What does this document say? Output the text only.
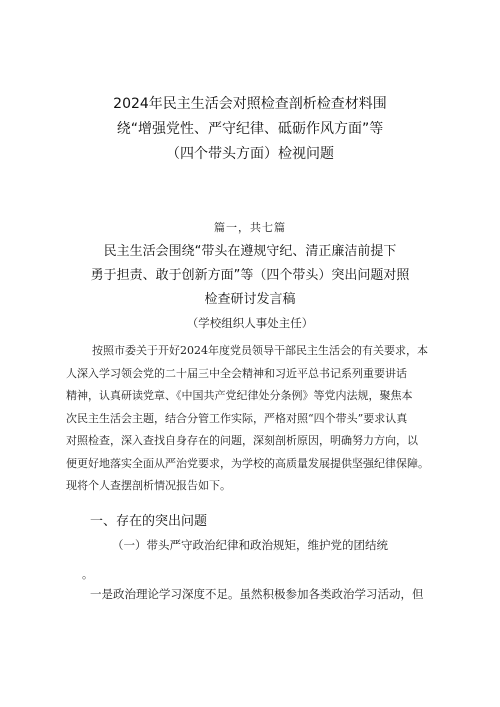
2024年民主生活会对照检查剖析检查材料围
绕“增强党性、严守纪律、砥砺作风方面”等
（四个带头方面）检视问题
篇一，共七篇
民主生活会围绕“带头在遵规守纪、清正廉洁前提下
勇于担责、敢于创新方面”等（四个带头）突出问题对照
检查研讨发言稿
（学校组织人事处主任）
按照市委关于开好2024年度党员领导干部民主生活会的有关要求，本
人深入学习领会党的二十届三中全会精神和习近平总书记系列重要讲话
精神，认真研读党章、《中国共产党纪律处分条例》等党内法规，聚焦本
次民主生活会主题，结合分管工作实际，严格对照“四个带头”要求认真
对照检查，深入查找自身存在的问题，深刻剖析原因，明确努力方向，以
便更好地落实全面从严治党要求，为学校的高质量发展提供坚强纪律保障。
现将个人查摆剖析情况报告如下。
一、存在的突出问题
（一）带头严守政治纪律和政治规矩，维护党的团结统
。
一是政治理论学习深度不足。虽然积极参加各类政治学习活动，但
